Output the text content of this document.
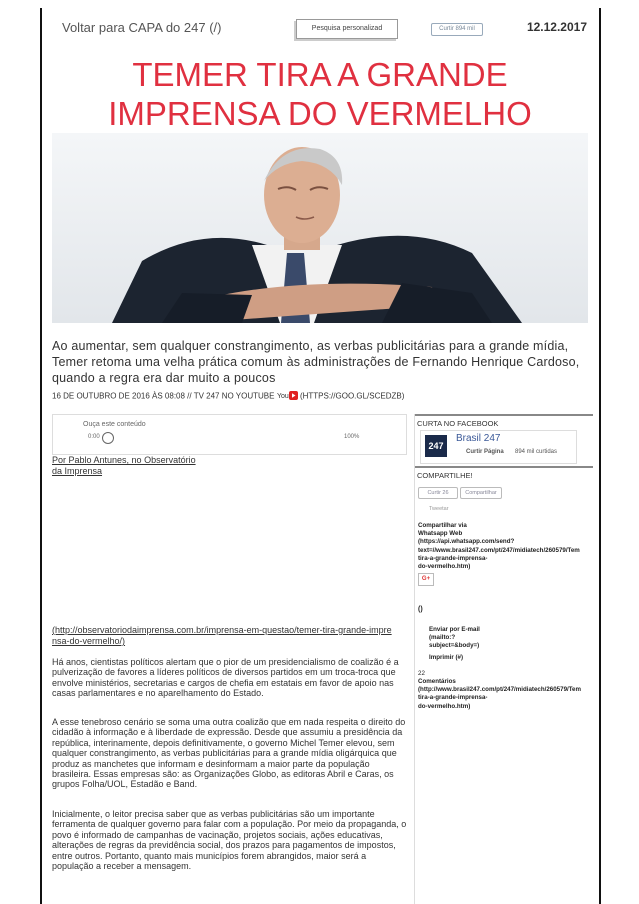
Voltar para CAPA do 247 (/)	Pesquisa personalizad	Curtir 894 mil	12.12.2017
TEMER TIRA A GRANDE IMPRENSA DO VERMELHO
Ao aumentar, sem qualquer constrangimento, as verbas publicitárias para a grande mídia, Temer retoma uma velha prática comum às administrações de Fernando Henrique Cardoso, quando a regra era dar muito a poucos
16 DE OUTUBRO DE 2016 ÀS 08:08 // TV 247 NO YOUTUBE You (HTTPS://GOO.GL/SCEDZB)
Ouça este conteúdo
0:00	100%
Por Pablo Antunes, no Observatório
da Imprensa
(http://observatoriodaimprensa.com.br/imprensa-em-questao/temer-tira-grande-imprensa-do-vermelho/)

Há anos, cientistas políticos alertam que o pior de um presidencialismo de coalizão é a pulverização de favores a líderes políticos de diversos partidos em um troca-troca que envolve ministérios, secretarias e cargos de chefia em estatais em favor de apoio nas casas parlamentares e no aparelhamento do Estado.

A esse tenebroso cenário se soma uma outra coalizão que em nada respeita o direito do cidadão à informação e à liberdade de expressão. Desde que assumiu a presidência da república, interinamente, depois definitivamente, o governo Michel Temer elevou, sem qualquer constrangimento, as verbas publicitárias para a grande mídia oligárquica que produz as manchetes que informam e desinformam a maior parte da população brasileira. Essas empresas são: as Organizações Globo, as editoras Abril e Caras, os grupos Folha/UOL, Estadão e Band.

Inicialmente, o leitor precisa saber que as verbas publicitárias são um importante ferramenta de qualquer governo para falar com a população. Por meio da propaganda, o povo é informado de campanhas de vacinação, projetos sociais, ações educativas, alterações de regras da previdência social, dos prazos para pagamentos de impostos, entre outros. Portanto, quanto mais municípios forem abrangidos, maior será a população a receber a mensagem.

CURTA NO FACEBOOK
247
Brasil 247
Curtir Página 894 mil curtidas
COMPARTILHE!
Curtir 26	Compartilhar
Tweetar
Compartilhar via
Whatsapp Web
(https://api.whatsapp.com/send?
text=//www.brasil247.com/pt/247/midiatech/260579/Tem
tira-a-grande-imprensa-
do-vermelho.htm)
G+
()
Enviar por E-mail
(mailto:?
subject=&body=)
Imprimir (#)
22
Comentários
(http://www.brasil247.com/pt/247/midiatech/260579/Tem
tira-a-grande-imprensa-
do-vermelho.htm)
